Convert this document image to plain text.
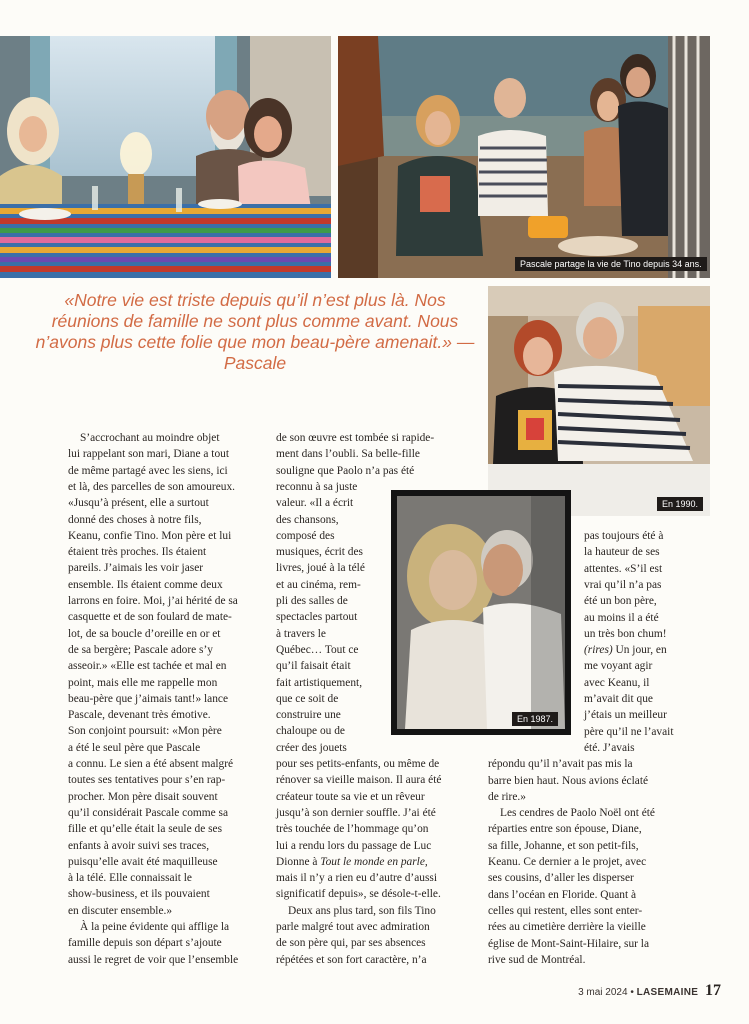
Pascale partage la vie de Tino depuis 34 ans.
En 1990.
En 1987.
«Notre vie est triste depuis qu’il n’est plus là. Nos réunions de famille ne sont plus comme avant. Nous n’avons plus cette folie que mon beau-père amenait.» — Pascale
S’accrochant au moindre objet
lui rappelant son mari, Diane a tout
de même partagé avec les siens, ici
et là, des parcelles de son amoureux.
«Jusqu’à présent, elle a surtout
donné des choses à notre fils,
Keanu, confie Tino. Mon père et lui
étaient très proches. Ils étaient
pareils. J’aimais les voir jaser
ensemble. Ils étaient comme deux
larrons en foire. Moi, j’ai hérité de sa
casquette et de son foulard de mate-
lot, de sa boucle d’oreille en or et
de sa bergère; Pascale adore s’y
asseoir.» «Elle est tachée et mal en
point, mais elle me rappelle mon
beau-père que j’aimais tant!» lance
Pascale, devenant très émotive.
Son conjoint poursuit: «Mon père
a été le seul père que Pascale
a connu. Le sien a été absent malgré
toutes ses tentatives pour s’en rap-
procher. Mon père disait souvent
qu’il considérait Pascale comme sa
fille et qu’elle était la seule de ses
enfants à avoir suivi ses traces,
puisqu’elle avait été maquilleuse
à la télé. Elle connaissait le
show-business, et ils pouvaient
en discuter ensemble.»
À la peine évidente qui afflige la
famille depuis son départ s’ajoute
aussi le regret de voir que l’ensemble
de son œuvre est tombée si rapide-
ment dans l’oubli. Sa belle-fille
souligne que Paolo n’a pas été
reconnu à sa juste
valeur. «Il a écrit
des chansons,
composé des
musiques, écrit des
livres, joué à la télé
et au cinéma, rem-
pli des salles de
spectacles partout
à travers le
Québec… Tout ce
qu’il faisait était
fait artistiquement,
que ce soit de
construire une
chaloupe ou de
créer des jouets
pour ses petits-enfants, ou même de
rénover sa vieille maison. Il aura été
créateur toute sa vie et un rêveur
jusqu’à son dernier souffle. J’ai été
très touchée de l’hommage qu’on
lui a rendu lors du passage de Luc
Dionne à Tout le monde en parle,
mais il n’y a rien eu d’autre d’aussi
significatif depuis», se désole-t-elle.
Deux ans plus tard, son fils Tino
parle malgré tout avec admiration
de son père qui, par ses absences
répétées et son fort caractère, n’a
pas toujours été à
la hauteur de ses
attentes. «S’il est
vrai qu’il n’a pas
été un bon père,
au moins il a été
un très bon chum!
(rires) Un jour, en
me voyant agir
avec Keanu, il
m’avait dit que
j’étais un meilleur
père qu’il ne l’avait
été. J’avais
répondu qu’il n’avait pas mis la
barre bien haut. Nous avions éclaté
de rire.»
Les cendres de Paolo Noël ont été
réparties entre son épouse, Diane,
sa fille, Johanne, et son petit-fils,
Keanu. Ce dernier a le projet, avec
ses cousins, d’aller les disperser
dans l’océan en Floride. Quant à
celles qui restent, elles sont enter-
rées au cimetière derrière la vieille
église de Mont-Saint-Hilaire, sur la
rive sud de Montréal.
3 mai 2024 • LASEMAINE 17
